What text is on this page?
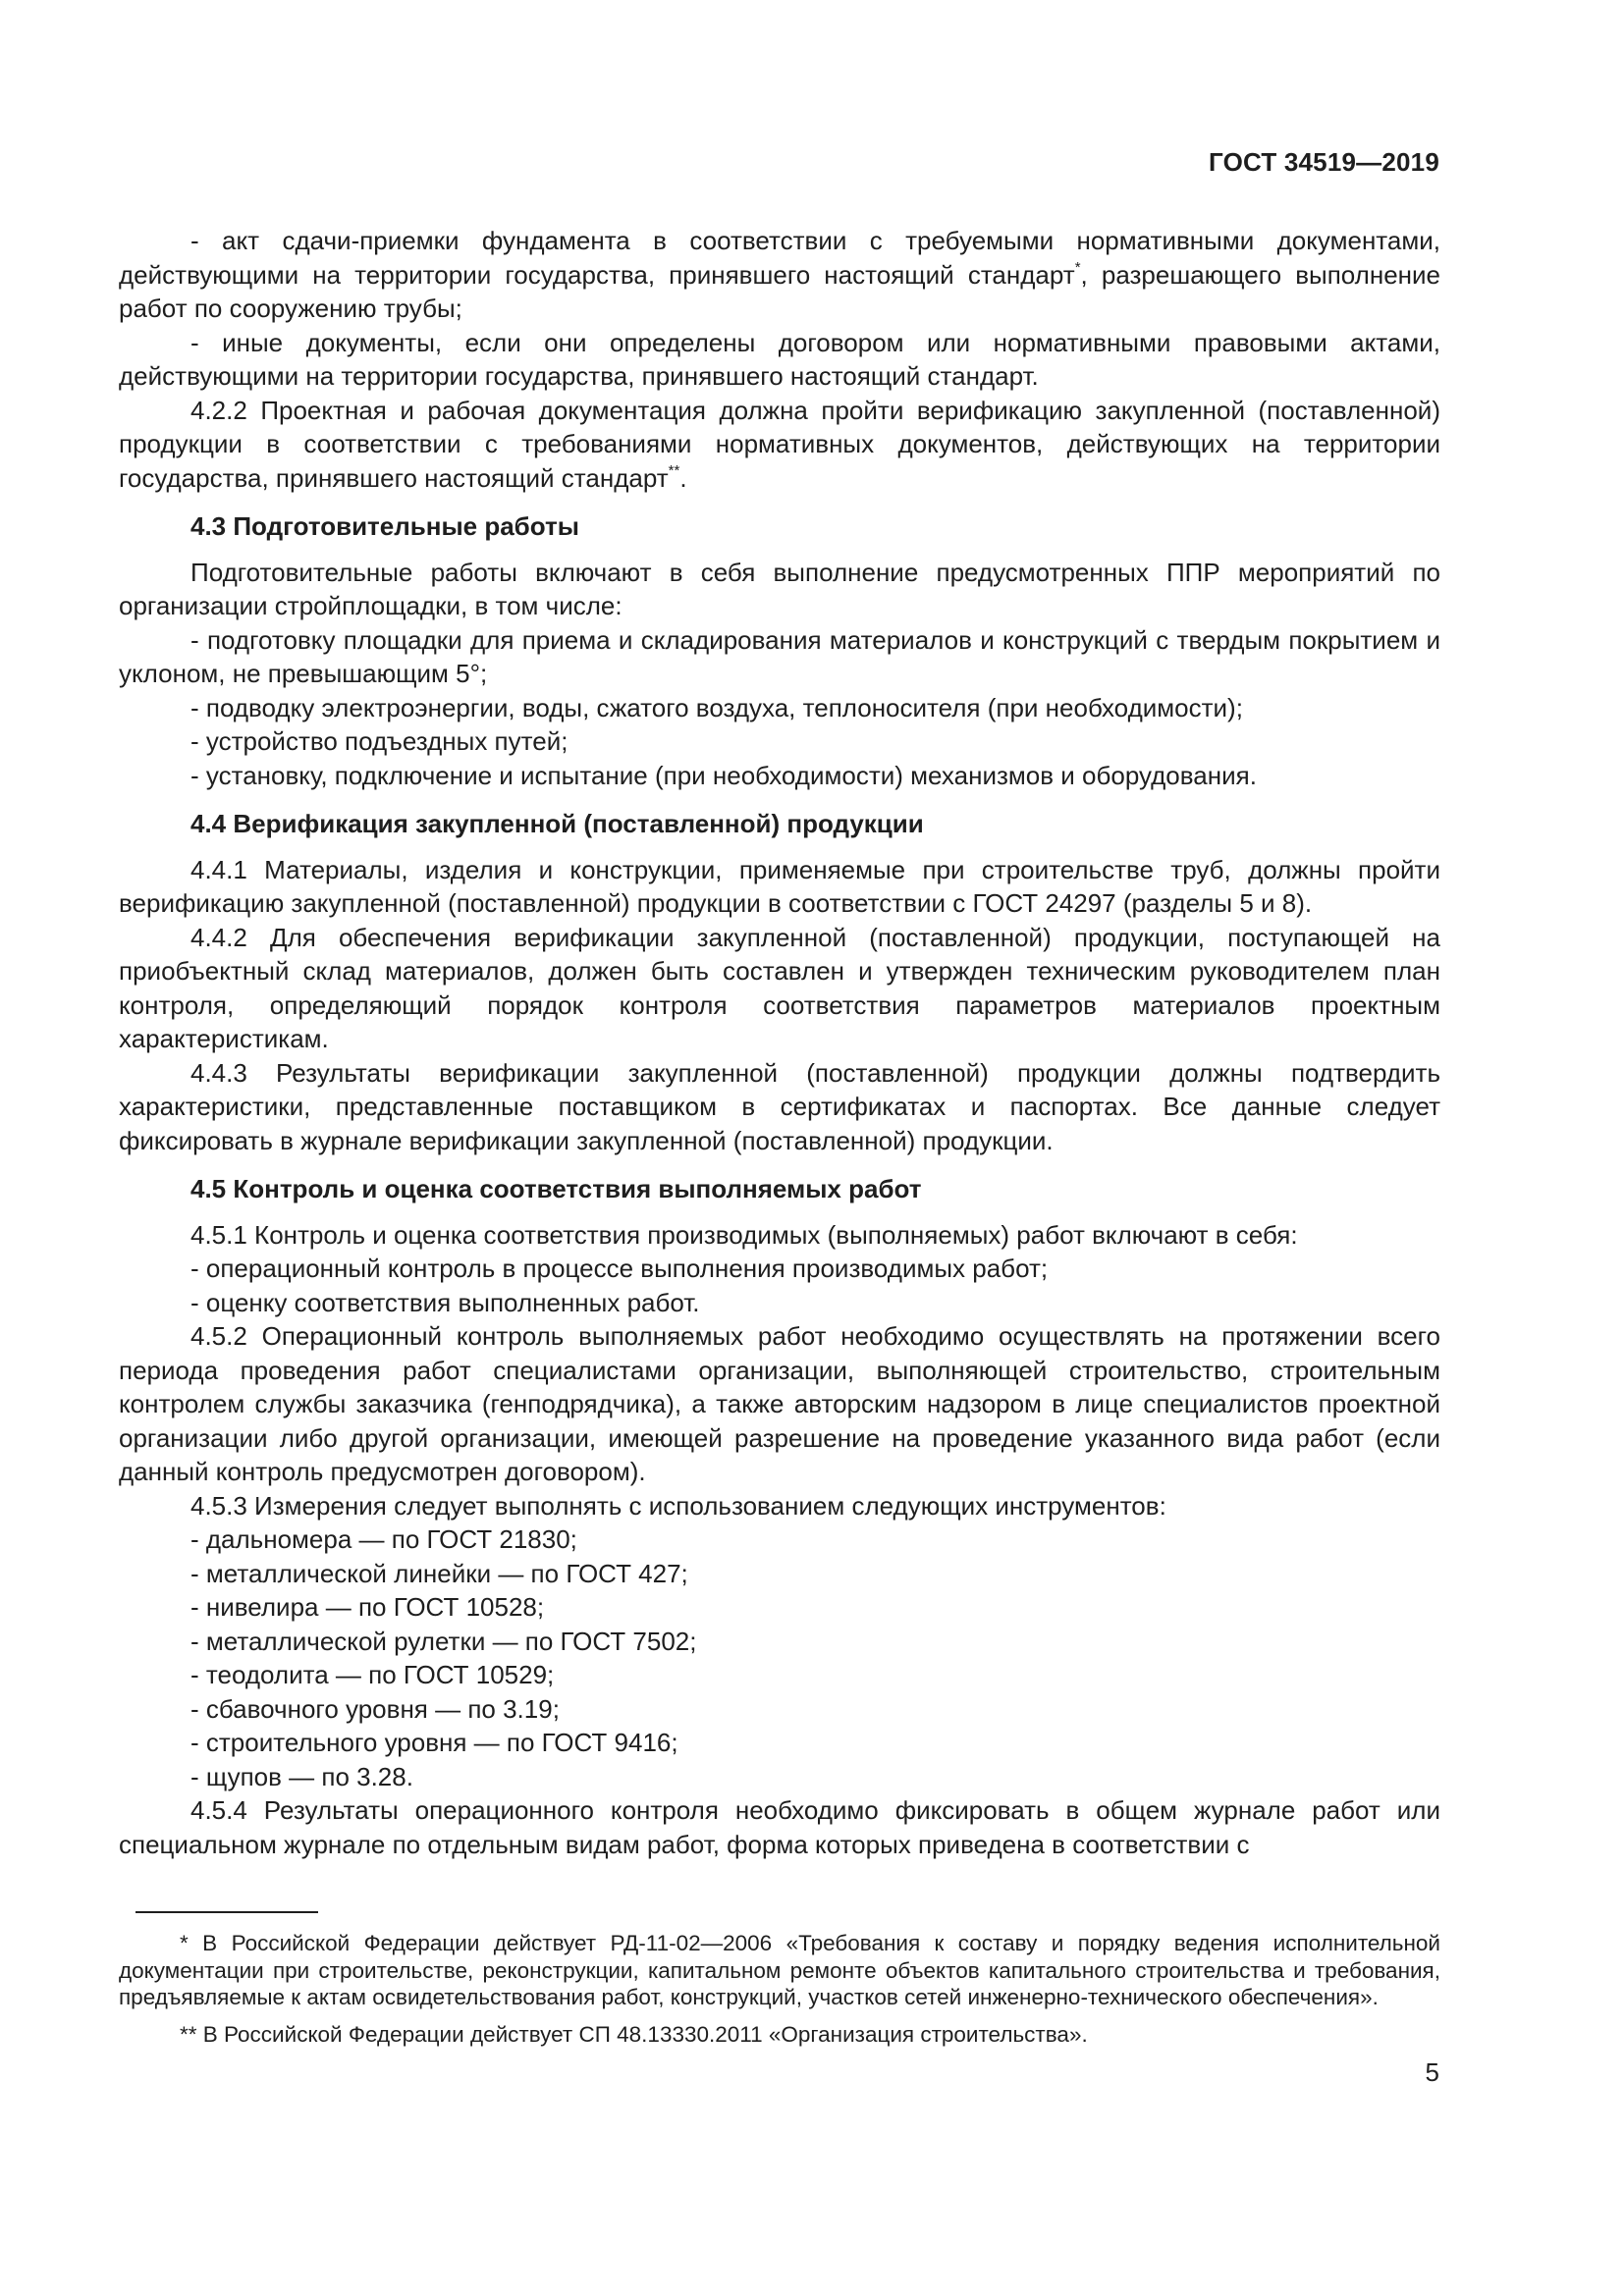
ГОСТ 34519—2019

- акт сдачи-приемки фундамента в соответствии с требуемыми нормативными документами, действующими на территории государства, принявшего настоящий стандарт*, разрешающего выполнение работ по сооружению трубы;

- иные документы, если они определены договором или нормативными правовыми актами, действующими на территории государства, принявшего настоящий стандарт.

4.2.2 Проектная и рабочая документация должна пройти верификацию закупленной (поставленной) продукции в соответствии с требованиями нормативных документов, действующих на территории государства, принявшего настоящий стандарт**.

4.3 Подготовительные работы

Подготовительные работы включают в себя выполнение предусмотренных ППР мероприятий по организации стройплощадки, в том числе:

- подготовку площадки для приема и складирования материалов и конструкций с твердым покрытием и уклоном, не превышающим 5°;

- подводку электроэнергии, воды, сжатого воздуха, теплоносителя (при необходимости);

- устройство подъездных путей;

- установку, подключение и испытание (при необходимости) механизмов и оборудования.

4.4 Верификация закупленной (поставленной) продукции

4.4.1 Материалы, изделия и конструкции, применяемые при строительстве труб, должны пройти верификацию закупленной (поставленной) продукции в соответствии с ГОСТ 24297 (разделы 5 и 8).

4.4.2 Для обеспечения верификации закупленной (поставленной) продукции, поступающей на приобъектный склад материалов, должен быть составлен и утвержден техническим руководителем план контроля, определяющий порядок контроля соответствия параметров материалов проектным характеристикам.

4.4.3 Результаты верификации закупленной (поставленной) продукции должны подтвердить характеристики, представленные поставщиком в сертификатах и паспортах. Все данные следует фиксировать в журнале верификации закупленной (поставленной) продукции.

4.5 Контроль и оценка соответствия выполняемых работ

4.5.1 Контроль и оценка соответствия производимых (выполняемых) работ включают в себя:

- операционный контроль в процессе выполнения производимых работ;

- оценку соответствия выполненных работ.

4.5.2 Операционный контроль выполняемых работ необходимо осуществлять на протяжении всего периода проведения работ специалистами организации, выполняющей строительство, строительным контролем службы заказчика (генподрядчика), а также авторским надзором в лице специалистов проектной организации либо другой организации, имеющей разрешение на проведение указанного вида работ (если данный контроль предусмотрен договором).

4.5.3 Измерения следует выполнять с использованием следующих инструментов:

- дальномера — по ГОСТ 21830;

- металлической линейки — по ГОСТ 427;

- нивелира — по ГОСТ 10528;

- металлической рулетки — по ГОСТ 7502;

- теодолита — по ГОСТ 10529;

- сбавочного уровня — по 3.19;

- строительного уровня — по ГОСТ 9416;

- щупов — по 3.28.

4.5.4 Результаты операционного контроля необходимо фиксировать в общем журнале работ или специальном журнале по отдельным видам работ, форма которых приведена в соответствии с

* В Российской Федерации действует РД-11-02—2006 «Требования к составу и порядку ведения исполнительной документации при строительстве, реконструкции, капитальном ремонте объектов капитального строительства и требования, предъявляемые к актам освидетельствования работ, конструкций, участков сетей инженерно-технического обеспечения».

** В Российской Федерации действует СП 48.13330.2011 «Организация строительства».

5
